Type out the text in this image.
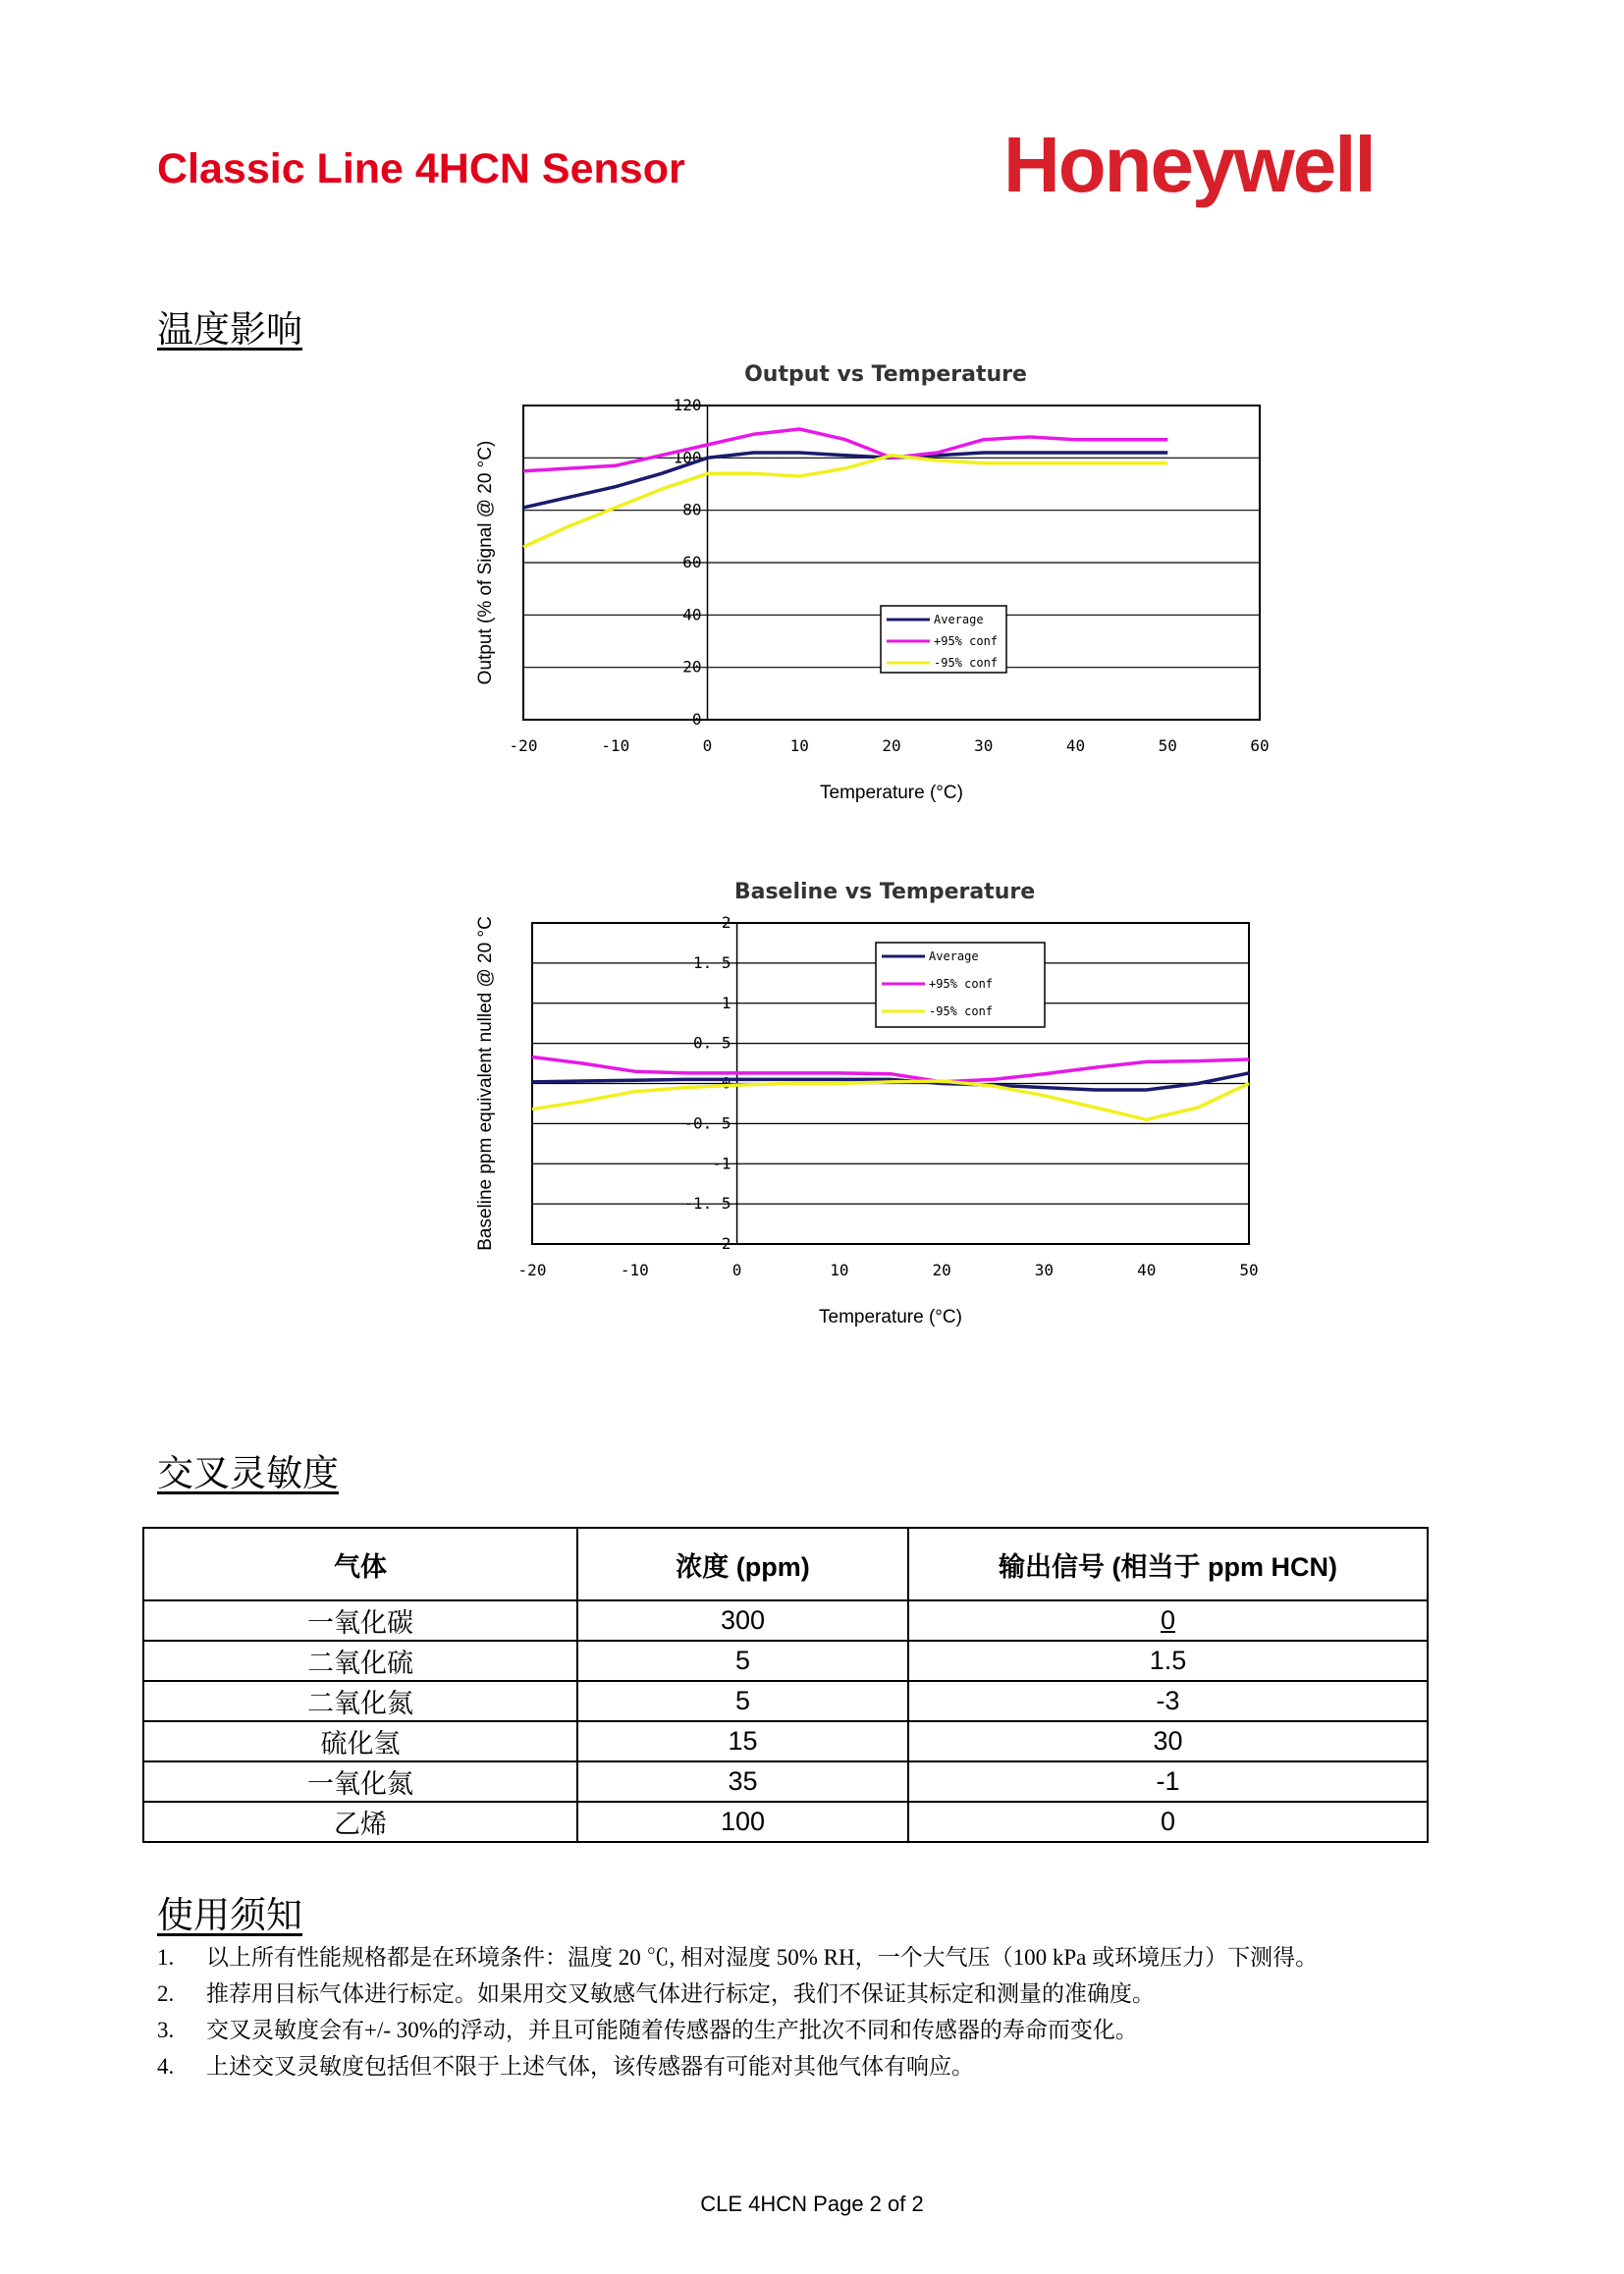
Classic Line 4HCN Sensor	Honeywell
温度影响
Output vs Temperature
0
20
40
60
80
100
120
-20	-10	0	10	20	30	40	50	60
Temperature (°C)
Output (% of Signal @ 20 °C)	Average
+95% conf
-95% conf
Baseline vs Temperature
2
1. 5
1
0. 5
0
-0. 5
-1
-1. 5
-2
-20	-10	0	10	20	30	40	50
Temperature (°C)
Baseline ppm equivalent nulled @ 20 °C	Average
+95% conf
-95% conf
交叉灵敏度
气体	浓度 (ppm)	输出信号 (相当于 ppm HCN)
一氧化碳	300	0
二氧化硫	5	1.5
二氧化氮	5	-3
硫化氢	15	30
一氧化氮	35	-1
乙烯	100	0
使用须知
1.	以上所有性能规格都是在环境条件：温度 20 ℃, 相对湿度 50% RH，一个大气压（100 kPa 或环境压力）下测得。
2.	推荐用目标气体进行标定。如果用交叉敏感气体进行标定，我们不保证其标定和测量的准确度。
3.	交叉灵敏度会有+/- 30%的浮动，并且可能随着传感器的生产批次不同和传感器的寿命而变化。
4.	上述交叉灵敏度包括但不限于上述气体，该传感器有可能对其他气体有响应。
CLE 4HCN Page 2 of 2
